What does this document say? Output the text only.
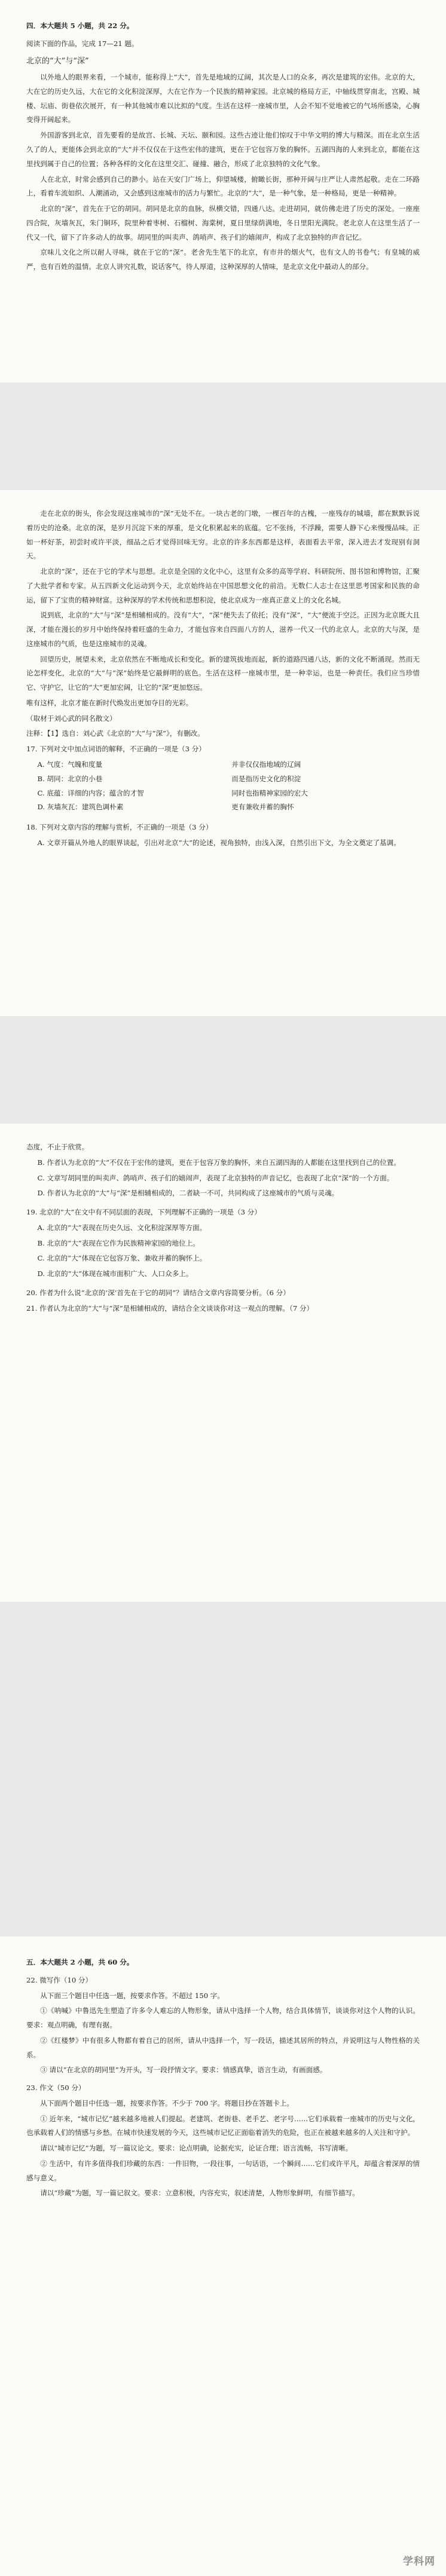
四．本大题共 5 小题，共 22 分。

阅读下面的作品，完成 17—21 题。

北京的“大”与“深”

以外地人的眼界来看，一个城市，能称得上“大”，首先是地域的辽阔，其次是人口的众多，再次是建筑的宏伟。北京的大，大在它的历史久远，大在它的文化积淀深厚，大在它作为一个民族的精神家园。北京城的格局方正，中轴线贯穿南北，宫殿、城楼、坛庙、街巷依次展开，有一种其他城市难以比拟的气度。生活在这样一座城市里，人会不知不觉地被它的气场所感染，心胸变得开阔起来。

外国游客到北京，首先要看的是故宫、长城、天坛、颐和园。这些古迹让他们惊叹于中华文明的博大与精深。而在北京生活久了的人，更能体会到北京的“大”并不仅仅在于这些宏伟的建筑，更在于它包容万象的胸怀。五湖四海的人来到北京，都能在这里找到属于自己的位置；各种各样的文化在这里交汇、碰撞、融合，形成了北京独特的文化气象。

人在北京，时常会感到自己的渺小。站在天安门广场上，仰望城楼，俯瞰长街，那种开阔与庄严让人肃然起敬。走在二环路上，看着车流如织、人潮涌动，又会感到这座城市的活力与繁忙。北京的“大”，是一种气象，是一种格局，更是一种精神。

北京的“深”，首先在于它的胡同。胡同是北京的血脉，纵横交错，四通八达。走进胡同，就仿佛走进了历史的深处。一座座四合院，灰墙灰瓦，朱门铜环，院里种着枣树、石榴树、海棠树，夏日里绿荫满地，冬日里阳光满院。老北京人在这里生活了一代又一代，留下了许多动人的故事。胡同里的叫卖声、鸽哨声、孩子们的嬉闹声，构成了北京独特的声音记忆。

京味儿文化之所以耐人寻味，就在于它的“深”。老舍先生笔下的北京，有市井的烟火气，也有文人的书卷气；有皇城的威严，也有百姓的温情。北京人讲究礼数，说话客气，待人厚道，这种深厚的人情味，是北京文化中最动人的部分。

走在北京的街头，你会发现这座城市的“深”无处不在。一块古老的门墩，一棵百年的古槐，一座残存的城墙，都在默默诉说着历史的沧桑。北京的深，是岁月沉淀下来的厚重，是文化积累起来的底蕴。它不张扬，不浮躁，需要人静下心来慢慢品味。正如一杯好茶，初尝时或许平淡，细品之后才觉得回味无穷。北京的许多东西都是这样，表面看去平常，深入进去才发现别有洞天。

北京的“深”，还在于它的学术与思想。北京是全国的文化中心，这里有众多的高等学府、科研院所、图书馆和博物馆，汇聚了大批学者和专家。从五四新文化运动到今天，北京始终站在中国思想文化的前沿。无数仁人志士在这里思考国家和民族的命运，留下了宝贵的精神财富。这种深厚的学术传统和思想积淀，使北京成为一座真正意义上的文化名城。

说到底，北京的“大”与“深”是相辅相成的。没有“大”，“深”便失去了依托；没有“深”，“大”便流于空泛。正因为北京既大且深，才能在漫长的岁月中始终保持着旺盛的生命力，才能包容来自四面八方的人，滋养一代又一代的北京人。北京的大与深，是这座城市的气质，也是这座城市的灵魂。

回望历史，展望未来，北京依然在不断地成长和变化。新的建筑拔地而起，新的道路四通八达，新的文化不断涌现。然而无论怎样变化，北京的“大”与“深”始终是它最鲜明的底色。生活在这样一座城市里，是一种幸运，也是一种责任。我们应当珍惜它、守护它，让它的“大”更加宏阔，让它的“深”更加悠远。

唯有这样，北京才能在新时代焕发出更加夺目的光彩。

（取材于刘心武的同名散文）

注释：【1】选自：刘心武《北京的“大”与“深”》，有删改。

17. 下列对文中加点词语的解释，不正确的一项是（3 分）

A. 气度：气魄和度量	并非仅仅指地域的辽阔
B. 胡同：北京的小巷	而是指历史文化的积淀
C. 底蕴：详细的内容；蕴含的才智	同时也指精神家园的宏大
D. 灰墙灰瓦：建筑色调朴素	更有兼收并蓄的胸怀

18. 下列对文章内容的理解与赏析，不正确的一项是（3 分）

A. 文章开篇从外地人的眼界谈起，引出对北京“大”的论述，视角独特，由浅入深，自然引出下文，为全文奠定了基调。

态度，不止于欣赏。

B. 作者认为北京的“大”不仅在于宏伟的建筑，更在于包容万象的胸怀，来自五湖四海的人都能在这里找到自己的位置。

C. 文章写胡同里的叫卖声、鸽哨声、孩子们的嬉闹声，表现了北京独特的声音记忆，也表现了北京“深”的一个方面。

D. 作者认为北京的“大”与“深”是相辅相成的，二者缺一不可，共同构成了这座城市的气质与灵魂。

19. 北京的“大”在文中有不同层面的表现，下列理解不正确的一项是（3 分）

A. 北京的“大”表现在历史久远、文化积淀深厚等方面。

B. 北京的“大”表现在它作为民族精神家园的地位上。

C. 北京的“大”体现在它包容万象、兼收并蓄的胸怀上。

D. 北京的“大”体现在城市面积广大、人口众多上。

20. 作者为什么说“北京的‘深’首先在于它的胡同”？请结合文章内容简要分析。（6 分）

21. 作者认为北京的“大”与“深”是相辅相成的，请结合全文谈谈你对这一观点的理解。（7 分）

五．本大题共 2 小题，共 60 分。

22. 微写作（10 分）

从下面三个题目中任选一题，按要求作答。不超过 150 字。

①《呐喊》中鲁迅先生塑造了许多令人难忘的人物形象，请从中选择一个人物，结合具体情节，谈谈你对这个人物的认识。要求：观点明确，有理有据。

②《红楼梦》中有很多人物都有着自己的居所，请从中选择一个，写一段话，描述其居所的特点，并说明这与人物性格的关系。

③ 请以“在北京的胡同里”为开头，写一段抒情文字。要求：情感真挚，语言生动，有画面感。

23. 作文（50 分）

从下面两个题目中任选一题，按要求作答。不少于 700 字。将题目抄在答题卡上。

① 近年来，“城市记忆”越来越多地被人们提起。老建筑、老街巷、老手艺、老字号……它们承载着一座城市的历史与文化，也承载着人们的情感与乡愁。在城市快速发展的今天，这些城市记忆正面临着消失的危险，也正在被越来越多的人关注和守护。

请以“城市记忆”为题，写一篇议论文。要求：论点明确，论据充实，论证合理；语言流畅，书写清晰。

② 生活中，有许多值得我们珍藏的东西：一件旧物，一段往事，一句话语，一个瞬间……它们或许平凡，却蕴含着深厚的情感与意义。

请以“珍藏”为题，写一篇记叙文。要求：立意积极，内容充实，叙述清楚，人物形象鲜明，有细节描写。

学科网
